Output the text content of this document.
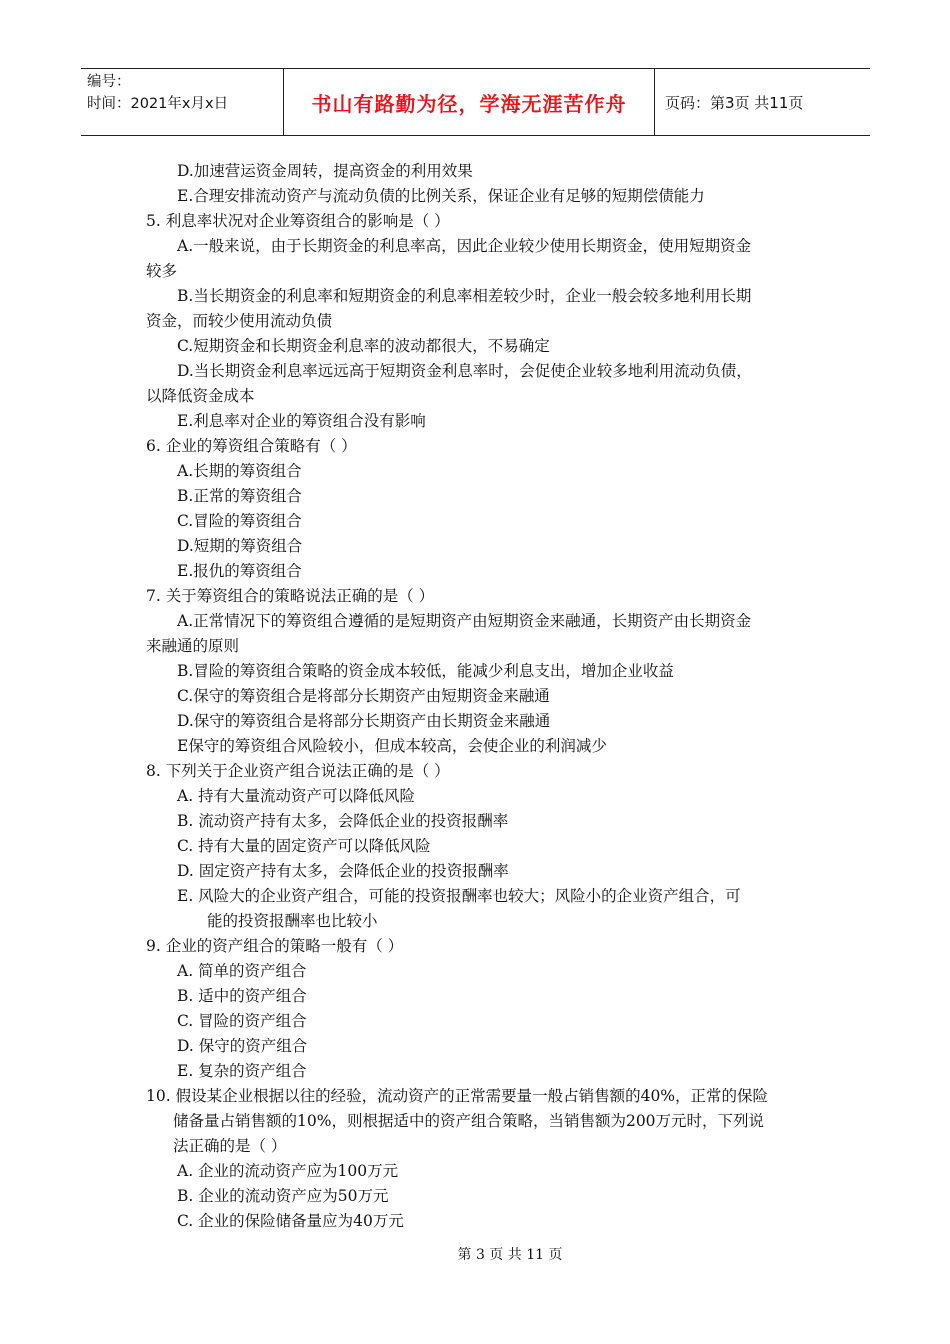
编号：
时间：2021年x月x日	书山有路勤为径，学海无涯苦作舟	页码：第3页 共11页
D.加速营运资金周转，提高资金的利用效果
E.合理安排流动资产与流动负债的比例关系，保证企业有足够的短期偿债能力
5. 利息率状况对企业筹资组合的影响是（ ）
A.一般来说，由于长期资金的利息率高，因此企业较少使用长期资金，使用短期资金
较多
B.当长期资金的利息率和短期资金的利息率相差较少时，企业一般会较多地利用长期
资金，而较少使用流动负债
C.短期资金和长期资金利息率的波动都很大，不易确定
D.当长期资金利息率远远高于短期资金利息率时，会促使企业较多地利用流动负债，
以降低资金成本
E.利息率对企业的筹资组合没有影响
6. 企业的筹资组合策略有（ ）
A.长期的筹资组合
B.正常的筹资组合
C.冒险的筹资组合
D.短期的筹资组合
E.报仇的筹资组合
7. 关于筹资组合的策略说法正确的是（ ）
A.正常情况下的筹资组合遵循的是短期资产由短期资金来融通，长期资产由长期资金
来融通的原则
B.冒险的筹资组合策略的资金成本较低，能减少利息支出，增加企业收益
C.保守的筹资组合是将部分长期资产由短期资金来融通
D.保守的筹资组合是将部分长期资产由长期资金来融通
E保守的筹资组合风险较小，但成本较高，会使企业的利润减少
8. 下列关于企业资产组合说法正确的是（ ）
A. 持有大量流动资产可以降低风险
B. 流动资产持有太多，会降低企业的投资报酬率
C. 持有大量的固定资产可以降低风险
D. 固定资产持有太多，会降低企业的投资报酬率
E. 风险大的企业资产组合，可能的投资报酬率也较大；风险小的企业资产组合，可
能的投资报酬率也比较小
9. 企业的资产组合的策略一般有（ ）
A. 简单的资产组合
B. 适中的资产组合
C. 冒险的资产组合
D. 保守的资产组合
E. 复杂的资产组合
10. 假设某企业根据以往的经验，流动资产的正常需要量一般占销售额的40%，正常的保险
储备量占销售额的10%，则根据适中的资产组合策略，当销售额为200万元时，下列说
法正确的是（ ）
A. 企业的流动资产应为100万元
B. 企业的流动资产应为50万元
C. 企业的保险储备量应为40万元
第 3 页 共 11 页
